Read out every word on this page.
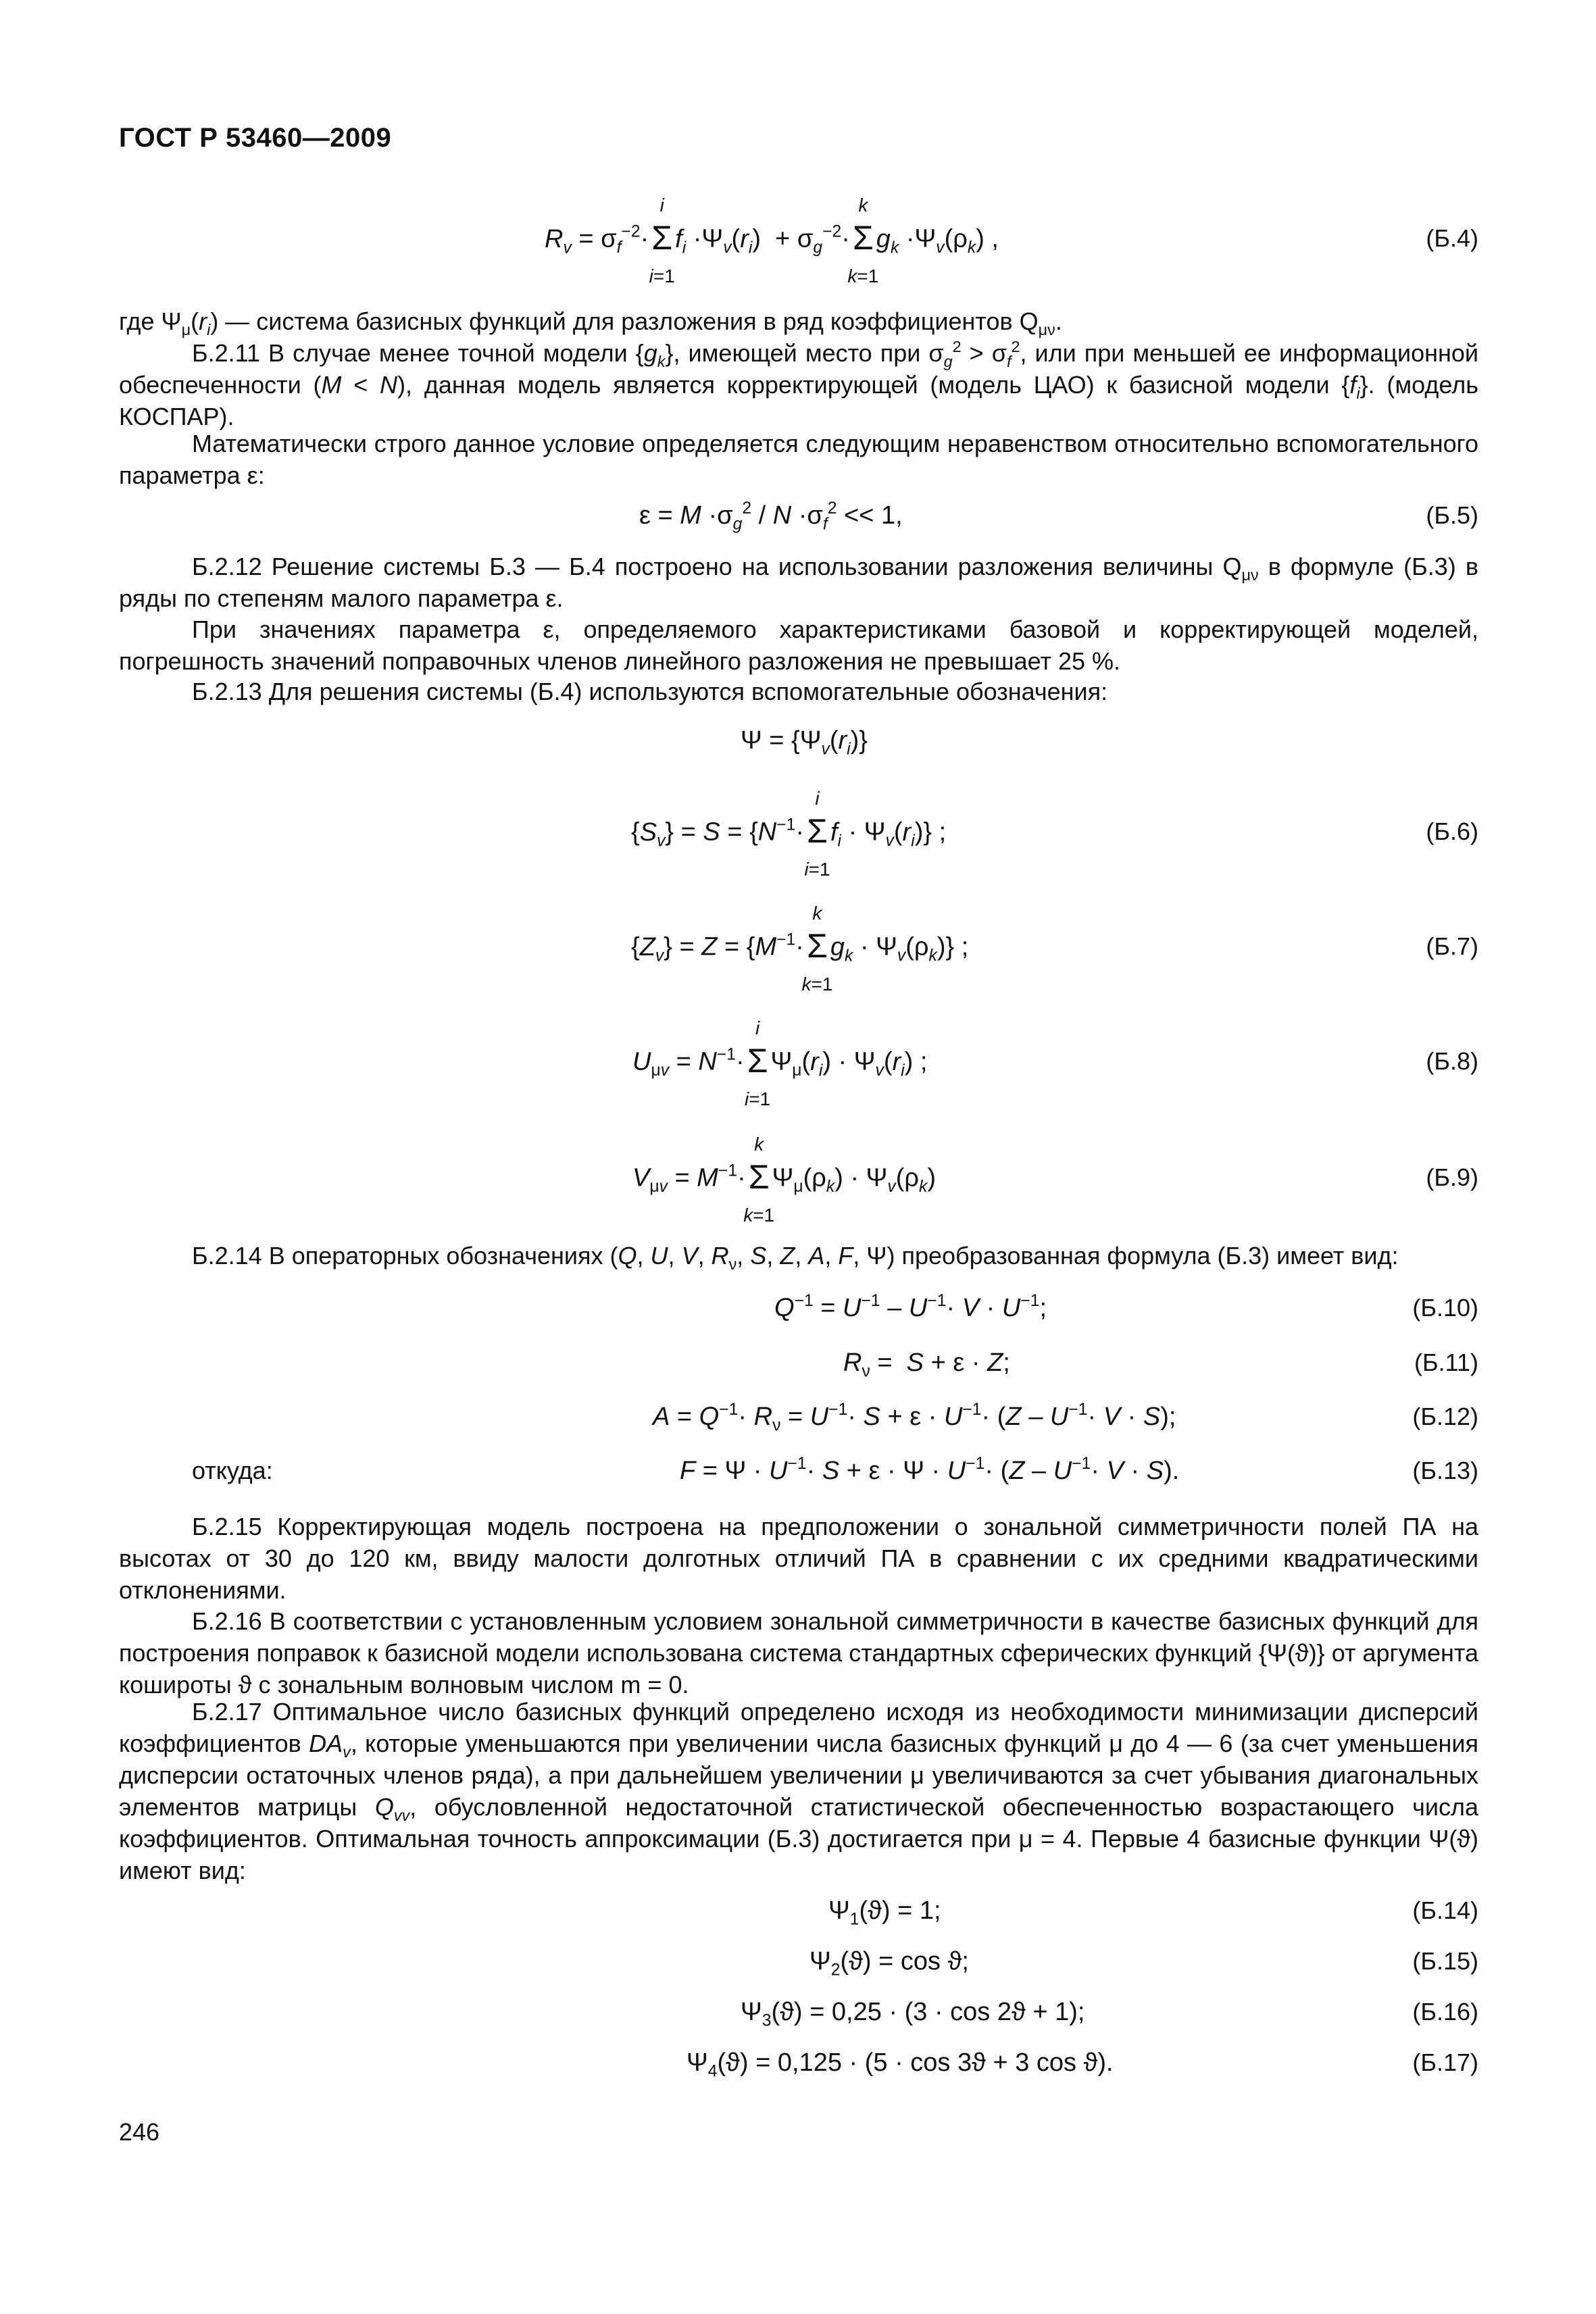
ГОСТ Р 53460—2009
$R_v = \sigma_f^{-2}\cdot$
i
Σ
i=1
$f_i \cdot\Psi_v(r_i) + \sigma_g^{-2}\cdot$
k
Σ
k=1
$g_k \cdot\Psi_v(\rho_k)$ ,	(Б.4)
где $\Psi_\mu(r_i)$ — система базисных функций для разложения в ряд коэффициентов $Q_{\mu\nu}$.
Б.2.11 В случае менее точной модели $\{g_k\}$, имеющей место при $\sigma_g^2 > \sigma_f^2$, или при меньшей ее информационной обеспеченности (M < N), данная модель является корректирующей (модель ЦАО) к базисной модели $\{f_i\}$. (модель КОСПАР).
Математически строго данное условие определяется следующим неравенством относительно вспомогательного параметра ε:
$\varepsilon = M \cdot\sigma_g^2 / N \cdot\sigma_f^2 << 1$,	(Б.5)
Б.2.12 Решение системы Б.3 — Б.4 построено на использовании разложения величины $Q_{\mu\nu}$ в формуле (Б.3) в ряды по степеням малого параметра ε.
При значениях параметра ε, определяемого характеристиками базовой и корректирующей моделей, погрешность значений поправочных членов линейного разложения не превышает 25 %.
Б.2.13 Для решения системы (Б.4) используются вспомогательные обозначения:
$\Psi = \{\Psi_v(r_i)\}$
$\{S_v\} = S = \{N^{-1}\cdot$
i
Σ
i=1
$f_i \cdot \Psi_v(r_i)$} ;	(Б.6)
$\{Z_v\} = Z = \{M^{-1}\cdot$
k
Σ
k=1
$g_k \cdot \Psi_v(\rho_k)$} ;	(Б.7)
$U_{\mu v} = N^{-1}\cdot$
i
Σ
i=1
$\Psi_\mu(r_i) \cdot \Psi_v(r_i)$ ;	(Б.8)
$V_{\mu v} = M^{-1}\cdot$
k
Σ
k=1
$\Psi_\mu(\rho_k) \cdot \Psi_v(\rho_k)$	(Б.9)
Б.2.14 В операторных обозначениях (Q, U, V, $R_\nu$, S, Z, A, F, Ψ) преобразованная формула (Б.3) имеет вид:
$Q^{-1} = U^{-1} - U^{-1}\cdot V \cdot U^{-1}$;	(Б.10)
$R_\nu = S + \varepsilon \cdot Z$;	(Б.11)
$A = Q^{-1}\cdot R_\nu = U^{-1}\cdot S + \varepsilon \cdot U^{-1}\cdot (Z - U^{-1}\cdot V \cdot S)$;	(Б.12)
откуда:	$F = \Psi \cdot U^{-1}\cdot S + \varepsilon \cdot \Psi \cdot U^{-1}\cdot (Z - U^{-1}\cdot V \cdot S)$.	(Б.13)
Б.2.15 Корректирующая модель построена на предположении о зональной симметричности полей ПА на высотах от 30 до 120 км, ввиду малости долготных отличий ПА в сравнении с их средними квадратическими отклонениями.
Б.2.16 В соответствии с установленным условием зональной симметричности в качестве базисных функций для построения поправок к базисной модели использована система стандартных сферических функций {Ψ(ϑ)} от аргумента кошироты ϑ с зональным волновым числом m = 0.
Б.2.17 Оптимальное число базисных функций определено исходя из необходимости минимизации дисперсий коэффициентов $DA_v$, которые уменьшаются при увеличении числа базисных функций μ до 4 — 6 (за счет уменьшения дисперсии остаточных членов ряда), а при дальнейшем увеличении μ увеличиваются за счет убывания диагональных элементов матрицы $Q_{vv}$, обусловленной недостаточной статистической обеспеченностью возрастающего числа коэффициентов. Оптимальная точность аппроксимации (Б.3) достигается при μ = 4. Первые 4 базисные функции Ψ(ϑ) имеют вид:
$\Psi_1(ϑ) = 1$;	(Б.14)
$\Psi_2(ϑ) = \cos ϑ$;	(Б.15)
$\Psi_3(ϑ) = 0,25 \cdot (3 \cdot \cos 2ϑ + 1)$;	(Б.16)
$\Psi_4(ϑ) = 0,125 \cdot (5 \cdot \cos 3ϑ + 3$ cos ϑ).	(Б.17)
246
